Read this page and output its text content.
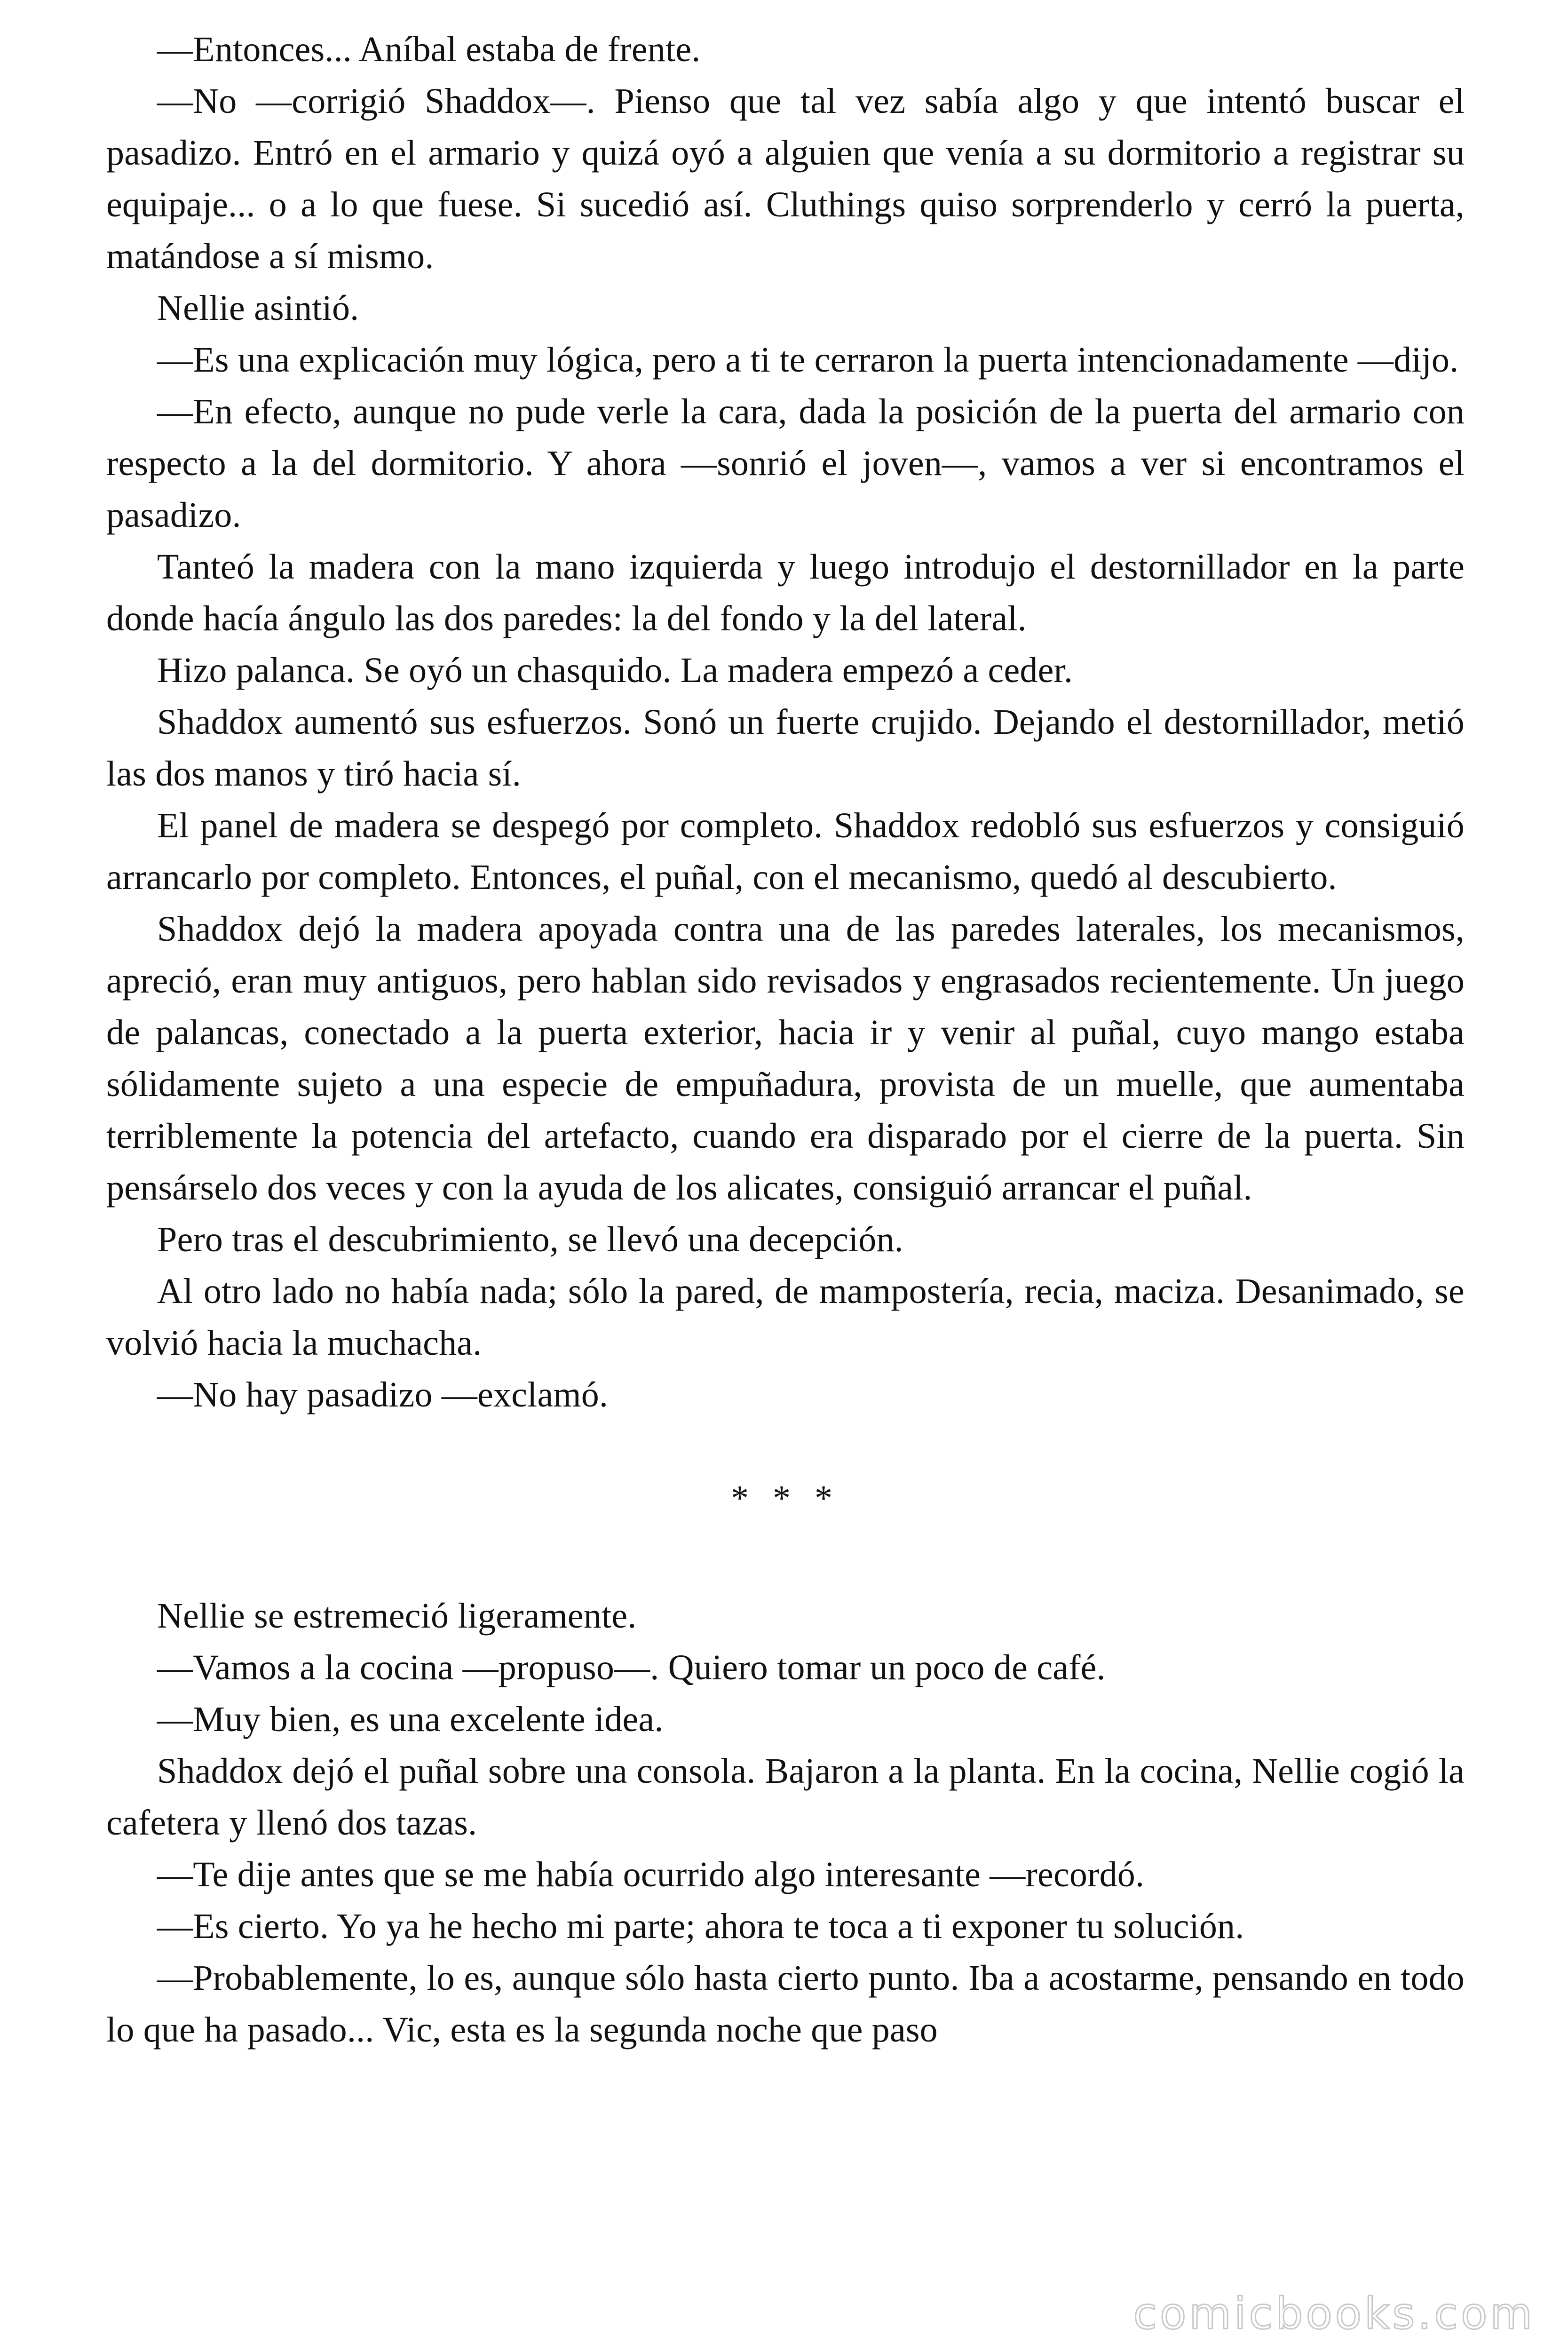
—Entonces... Aníbal estaba de frente.

—No —corrigió Shaddox—. Pienso que tal vez sabía algo y que intentó buscar el pasadizo. Entró en el armario y quizá oyó a alguien que venía a su dormitorio a registrar su equipaje... o a lo que fuese. Si sucedió así. Cluthings quiso sorprenderlo y cerró la puerta, matándose a sí mismo.

Nellie asintió.

—Es una explicación muy lógica, pero a ti te cerraron la puerta intencionadamente —dijo.

—En efecto, aunque no pude verle la cara, dada la posición de la puerta del armario con respecto a la del dormitorio. Y ahora —sonrió el joven—, vamos a ver si encontramos el pasadizo.

Tanteó la madera con la mano izquierda y luego introdujo el destornillador en la parte donde hacía ángulo las dos paredes: la del fondo y la del lateral.

Hizo palanca. Se oyó un chasquido. La madera empezó a ceder.

Shaddox aumentó sus esfuerzos. Sonó un fuerte crujido. Dejando el destornillador, metió las dos manos y tiró hacia sí.

El panel de madera se despegó por completo. Shaddox redobló sus esfuerzos y consiguió arrancarlo por completo. Entonces, el puñal, con el mecanismo, quedó al descubierto.

Shaddox dejó la madera apoyada contra una de las paredes laterales, los mecanismos, apreció, eran muy antiguos, pero hablan sido revisados y engrasados recientemente. Un juego de palancas, conectado a la puerta exterior, hacia ir y venir al puñal, cuyo mango estaba sólidamente sujeto a una especie de empuñadura, provista de un muelle, que aumentaba terriblemente la potencia del artefacto, cuando era disparado por el cierre de la puerta. Sin pensárselo dos veces y con la ayuda de los alicates, consiguió arrancar el puñal.

Pero tras el descubrimiento, se llevó una decepción.

Al otro lado no había nada; sólo la pared, de mampostería, recia, maciza. Desanimado, se volvió hacia la muchacha.

—No hay pasadizo —exclamó.

* * *

Nellie se estremeció ligeramente.

—Vamos a la cocina —propuso—. Quiero tomar un poco de café.

—Muy bien, es una excelente idea.

Shaddox dejó el puñal sobre una consola. Bajaron a la planta. En la cocina, Nellie cogió la cafetera y llenó dos tazas.

—Te dije antes que se me había ocurrido algo interesante —recordó.

—Es cierto. Yo ya he hecho mi parte; ahora te toca a ti exponer tu solución.

—Probablemente, lo es, aunque sólo hasta cierto punto. Iba a acostarme, pensando en todo lo que ha pasado... Vic, esta es la segunda noche que paso

comicbooks.com
